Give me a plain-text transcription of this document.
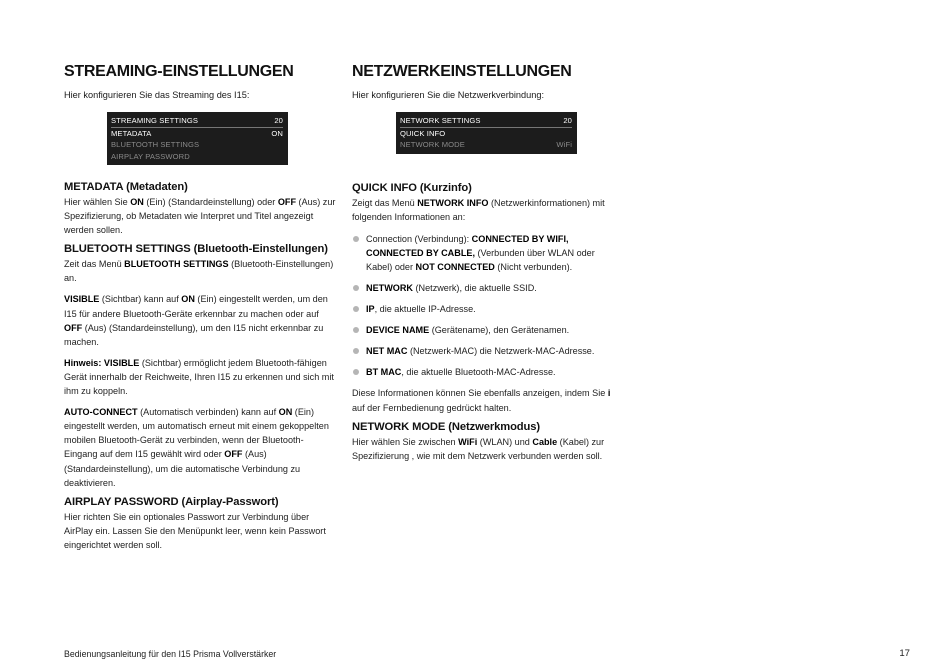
STREAMING-EINSTELLUNGEN
Hier konfigurieren Sie das Streaming des I15:
STREAMING SETTINGS	20
METADATA	ON
BLUETOOTH SETTINGS
AIRPLAY PASSWORD
METADATA (Metadaten)

Hier wählen Sie ON (Ein) (Standardeinstellung) oder OFF (Aus) zur Spezifizierung, ob Metadaten wie Interpret und Titel angezeigt werden sollen.

BLUETOOTH SETTINGS (Bluetooth-Einstellungen)

Zeit das Menü BLUETOOTH SETTINGS (Bluetooth-Einstellungen) an.

VISIBLE (Sichtbar) kann auf ON (Ein) eingestellt werden, um den I15 für andere Bluetooth-Geräte erkennbar zu machen oder auf OFF (Aus) (Standardeinstellung), um den I15 nicht erkennbar zu machen.

Hinweis: VISIBLE (Sichtbar) ermöglicht jedem Bluetooth-fähigen Gerät innerhalb der Reichweite, Ihren I15 zu erkennen und sich mit ihm zu koppeln.

AUTO-CONNECT (Automatisch verbinden) kann auf ON (Ein) eingestellt werden, um automatisch erneut mit einem gekoppelten mobilen Bluetooth-Gerät zu verbinden, wenn der Bluetooth-Eingang auf dem I15 gewählt wird oder OFF (Aus) (Standardeinstellung), um die automatische Verbindung zu deaktivieren.

AIRPLAY PASSWORD (Airplay-Passwort)

Hier richten Sie ein optionales Passwort zur Verbindung über AirPlay ein. Lassen Sie den Menüpunkt leer, wenn kein Passwort eingerichtet werden soll.

NETZWERKEINSTELLUNGEN
Hier konfigurieren Sie die Netzwerkverbindung:
NETWORK SETTINGS	20
QUICK INFO
NETWORK MODE	WiFi
QUICK INFO (Kurzinfo)

Zeigt das Menü NETWORK INFO (Netzwerkinformationen) mit folgenden Informationen an:

Connection (Verbindung): CONNECTED BY WIFI, CONNECTED BY CABLE, (Verbunden über WLAN oder Kabel) oder NOT CONNECTED (Nicht verbunden).
NETWORK (Netzwerk), die aktuelle SSID.
IP, die aktuelle IP-Adresse.
DEVICE NAME (Gerätename), den Gerätenamen.
NET MAC (Netzwerk-MAC) die Netzwerk-MAC-Adresse.
BT MAC, die aktuelle Bluetooth-MAC-Adresse.

Diese Informationen können Sie ebenfalls anzeigen, indem Sie i auf der Fernbedienung gedrückt halten.

NETWORK MODE (Netzwerkmodus)

Hier wählen Sie zwischen WiFi (WLAN) und Cable (Kabel) zur Spezifizierung , wie mit dem Netzwerk verbunden werden soll.

Bedienungsanleitung für den I15 Prisma Vollverstärker	17
